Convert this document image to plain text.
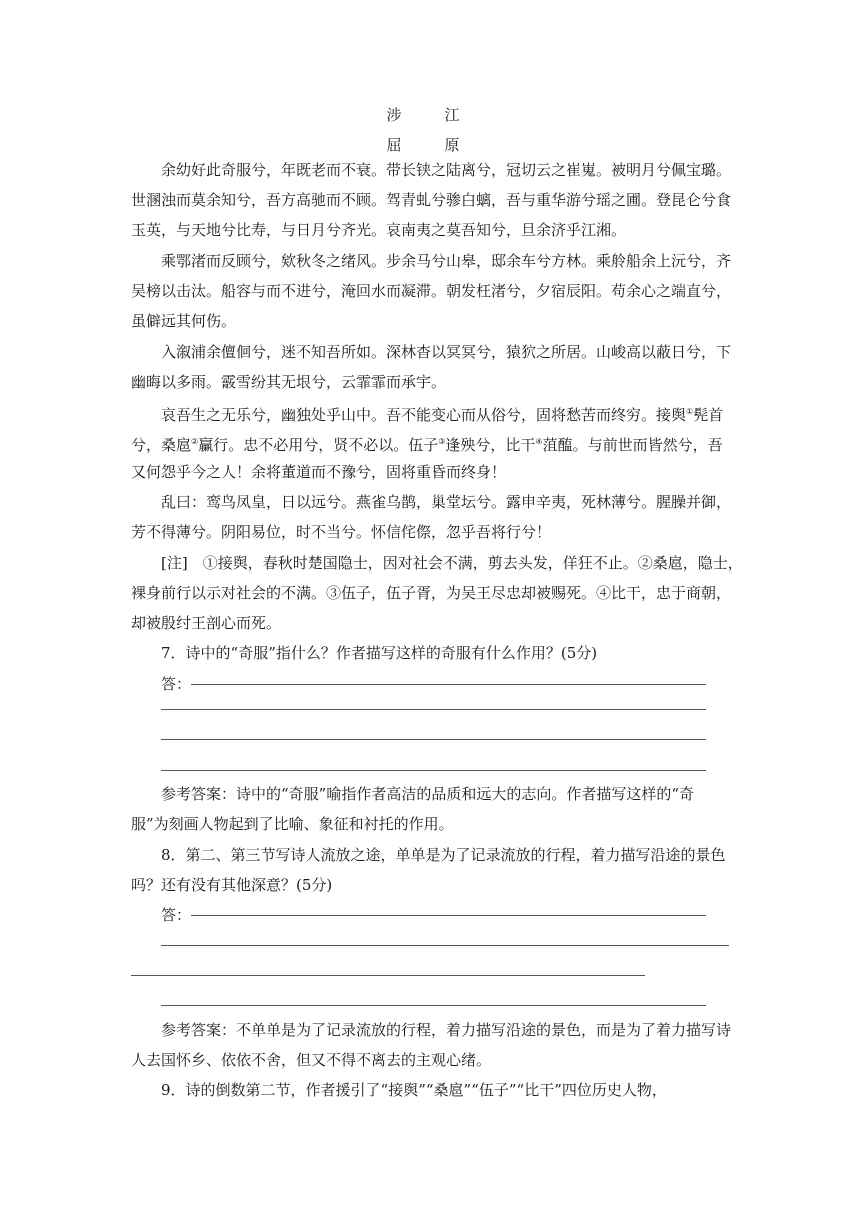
涉　江
屈　原
余幼好此奇服兮，年既老而不衰。带长铗之陆离兮，冠切云之崔嵬。被明月兮佩宝璐。
世溷浊而莫余知兮，吾方高驰而不顾。驾青虬兮骖白螭，吾与重华游兮瑶之圃。登昆仑兮食
玉英，与天地兮比寿，与日月兮齐光。哀南夷之莫吾知兮，旦余济乎江湘。
乘鄂渚而反顾兮，欸秋冬之绪风。步余马兮山皋，邸余车兮方林。乘舲船余上沅兮，齐
吴榜以击汰。船容与而不进兮，淹回水而凝滞。朝发枉渚兮，夕宿辰阳。苟余心之端直兮，
虽僻远其何伤。
入溆浦余儃佪兮，迷不知吾所如。深林杳以冥冥兮，猿狖之所居。山峻高以蔽日兮，下
幽晦以多雨。霰雪纷其无垠兮，云霏霏而承宇。
哀吾生之无乐兮，幽独处乎山中。吾不能变心而从俗兮，固将愁苦而终穷。接舆①髡首
兮，桑扈②臝行。忠不必用兮，贤不必以。伍子③逢殃兮，比干④菹醢。与前世而皆然兮，吾
又何怨乎今之人！余将董道而不豫兮，固将重昏而终身！
乱曰：鸾鸟凤皇，日以远兮。燕雀乌鹊，巢堂坛兮。露申辛夷，死林薄兮。腥臊并御，
芳不得薄兮。阴阳易位，时不当兮。怀信侘傺，忽乎吾将行兮！
[注]　①接舆，春秋时楚国隐士，因对社会不满，剪去头发，佯狂不止。②桑扈，隐士，
裸身前行以示对社会的不满。③伍子，伍子胥，为吴王尽忠却被赐死。④比干，忠于商朝，
却被殷纣王剖心而死。
7．诗中的“奇服”指什么？作者描写这样的奇服有什么作用？(5分)
答：
参考答案：诗中的“奇服”喻指作者高洁的品质和远大的志向。作者描写这样的“奇
服”为刻画人物起到了比喻、象征和衬托的作用。
8．第二、第三节写诗人流放之途，单单是为了记录流放的行程，着力描写沿途的景色
吗？还有没有其他深意？(5分)
答：
参考答案：不单单是为了记录流放的行程，着力描写沿途的景色，而是为了着力描写诗
人去国怀乡、依依不舍，但又不得不离去的主观心绪。
9．诗的倒数第二节，作者援引了“接舆”“桑扈”“伍子”“比干”四位历史人物，
